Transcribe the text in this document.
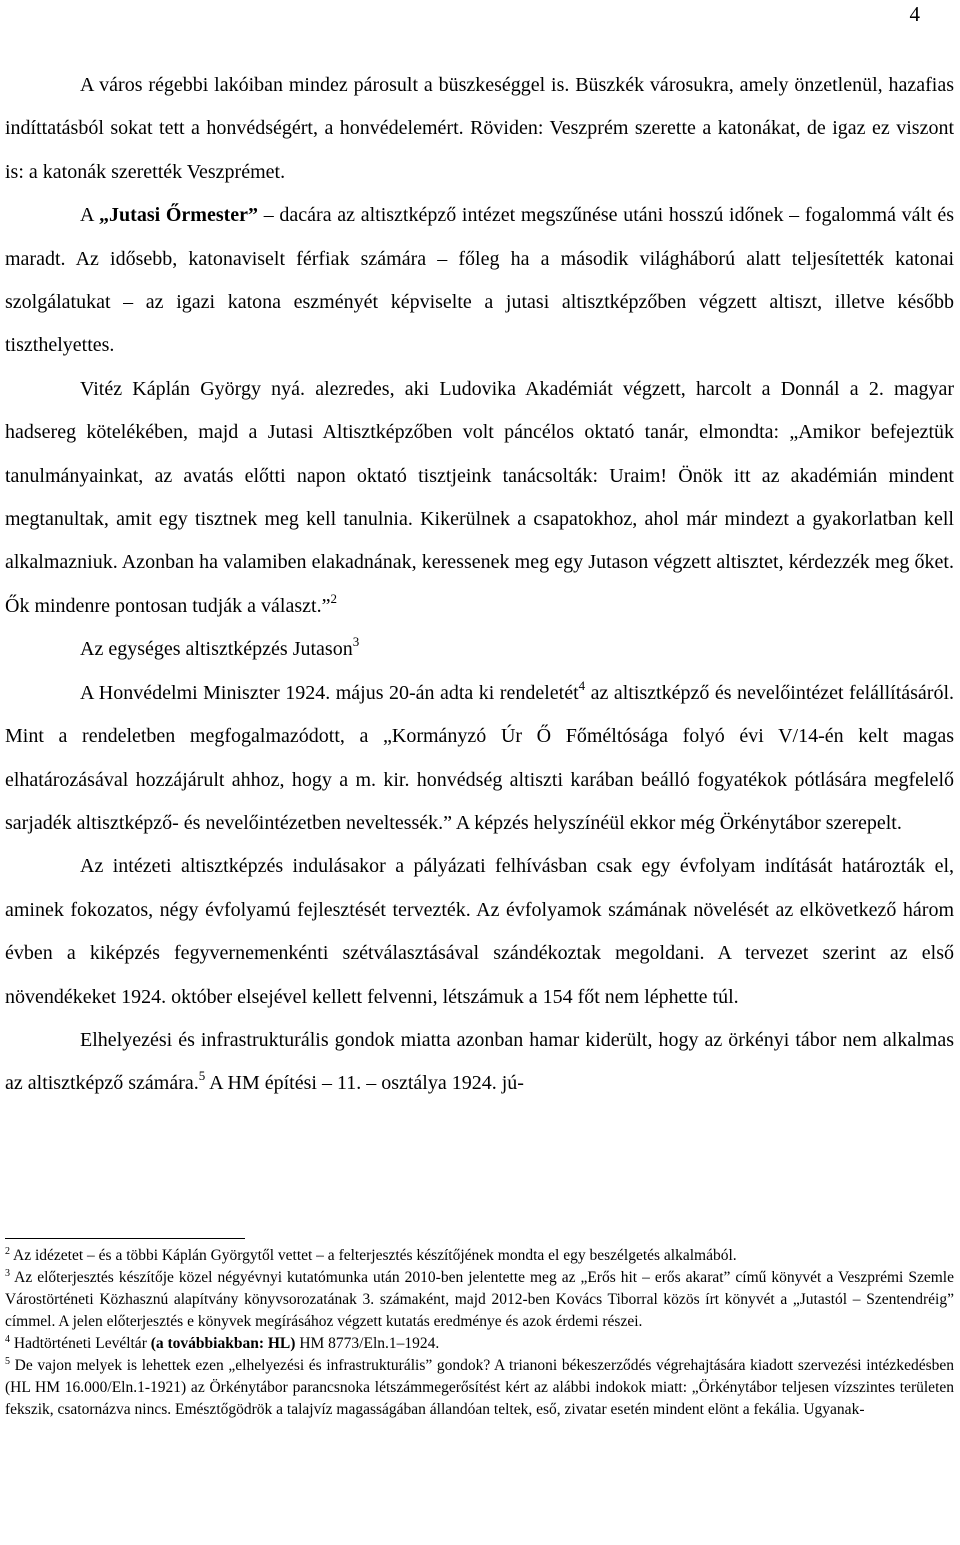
4

A város régebbi lakóiban mindez párosult a büszkeséggel is. Büszkék városukra, amely önzetlenül, hazafias indíttatásból sokat tett a honvédségért, a honvédelemért. Röviden: Veszprém szerette a katonákat, de igaz ez viszont is: a katonák szerették Veszprémet.

A „Jutasi Őrmester” – dacára az altisztképző intézet megszűnése utáni hosszú időnek – fogalommá vált és maradt. Az idősebb, katonaviselt férfiak számára – főleg ha a második világháború alatt teljesítették katonai szolgálatukat – az igazi katona eszményét képviselte a jutasi altisztképzőben végzett altiszt, illetve később tiszthelyettes.

Vitéz Káplán György nyá. alezredes, aki Ludovika Akadémiát végzett, harcolt a Donnál a 2. magyar hadsereg kötelékében, majd a Jutasi Altisztképzőben volt páncélos oktató tanár, elmondta: „Amikor befejeztük tanulmányainkat, az avatás előtti napon oktató tisztjeink tanácsolták: Uraim! Önök itt az akadémián mindent megtanultak, amit egy tisztnek meg kell tanulnia. Kikerülnek a csapatokhoz, ahol már mindezt a gyakorlatban kell alkalmazniuk. Azonban ha valamiben elakadnának, keressenek meg egy Jutason végzett altisztet, kérdezzék meg őket. Ők mindenre pontosan tudják a választ.”$^2$

Az egységes altisztképzés Jutason$^3$

A Honvédelmi Miniszter 1924. május 20-án adta ki rendeletét$^4$ az altisztképző és nevelőintézet felállításáról. Mint a rendeletben megfogalmazódott, a „Kormányzó Úr Ő Főméltósága folyó évi V/14-én kelt magas elhatározásával hozzájárult ahhoz, hogy a m. kir. honvédség altiszti karában beálló fogyatékok pótlására megfelelő sarjadék altisztképző- és nevelőintézetben neveltessék.” A képzés helyszínéül ekkor még Örkénytábor szerepelt.

Az intézeti altisztképzés indulásakor a pályázati felhívásban csak egy évfolyam indítását határozták el, aminek fokozatos, négy évfolyamú fejlesztését tervezték. Az évfolyamok számának növelését az elkövetkező három évben a kiképzés fegyvernemenkénti szétválasztásával szándékoztak megoldani. A tervezet szerint az első növendékeket 1924. október elsejével kellett felvenni, létszámuk a 154 főt nem léphette túl.

Elhelyezési és infrastrukturális gondok miatta azonban hamar kiderült, hogy az örkényi tábor nem alkalmas az altisztképző számára.$^5$ A HM építési – 11. – osztálya 1924. jú-

$^2$ Az idézetet – és a többi Káplán Györgytől vettet – a felterjesztés készítőjének mondta el egy beszélgetés alkalmából.

$^3$ Az előterjesztés készítője közel négyévnyi kutatómunka után 2010-ben jelentette meg az „Erős hit – erős akarat” című könyvét a Veszprémi Szemle Várostörténeti Közhasznú alapítvány könyvsorozatának 3. számaként, majd 2012-ben Kovács Tiborral közös írt könyvét a „Jutastól – Szentendréig” címmel. A jelen előterjesztés e könyvek megírásához végzett kutatás eredménye és azok érdemi részei.

$^4$ Hadtörténeti Levéltár (a továbbiakban: HL) HM 8773/Eln.1–1924.

$^5$ De vajon melyek is lehettek ezen „elhelyezési és infrastrukturális” gondok? A trianoni békeszerződés végrehajtására kiadott szervezési intézkedésben (HL HM 16.000/Eln.1-1921) az Örkénytábor parancsnoka létszámmegerősítést kért az alábbi indokok miatt: „Örkénytábor teljesen vízszintes területen fekszik, csatornázva nincs. Emésztőgödrök a talajvíz magasságában állandóan teltek, eső, zivatar esetén mindent elönt a fekália. Ugyanak-
